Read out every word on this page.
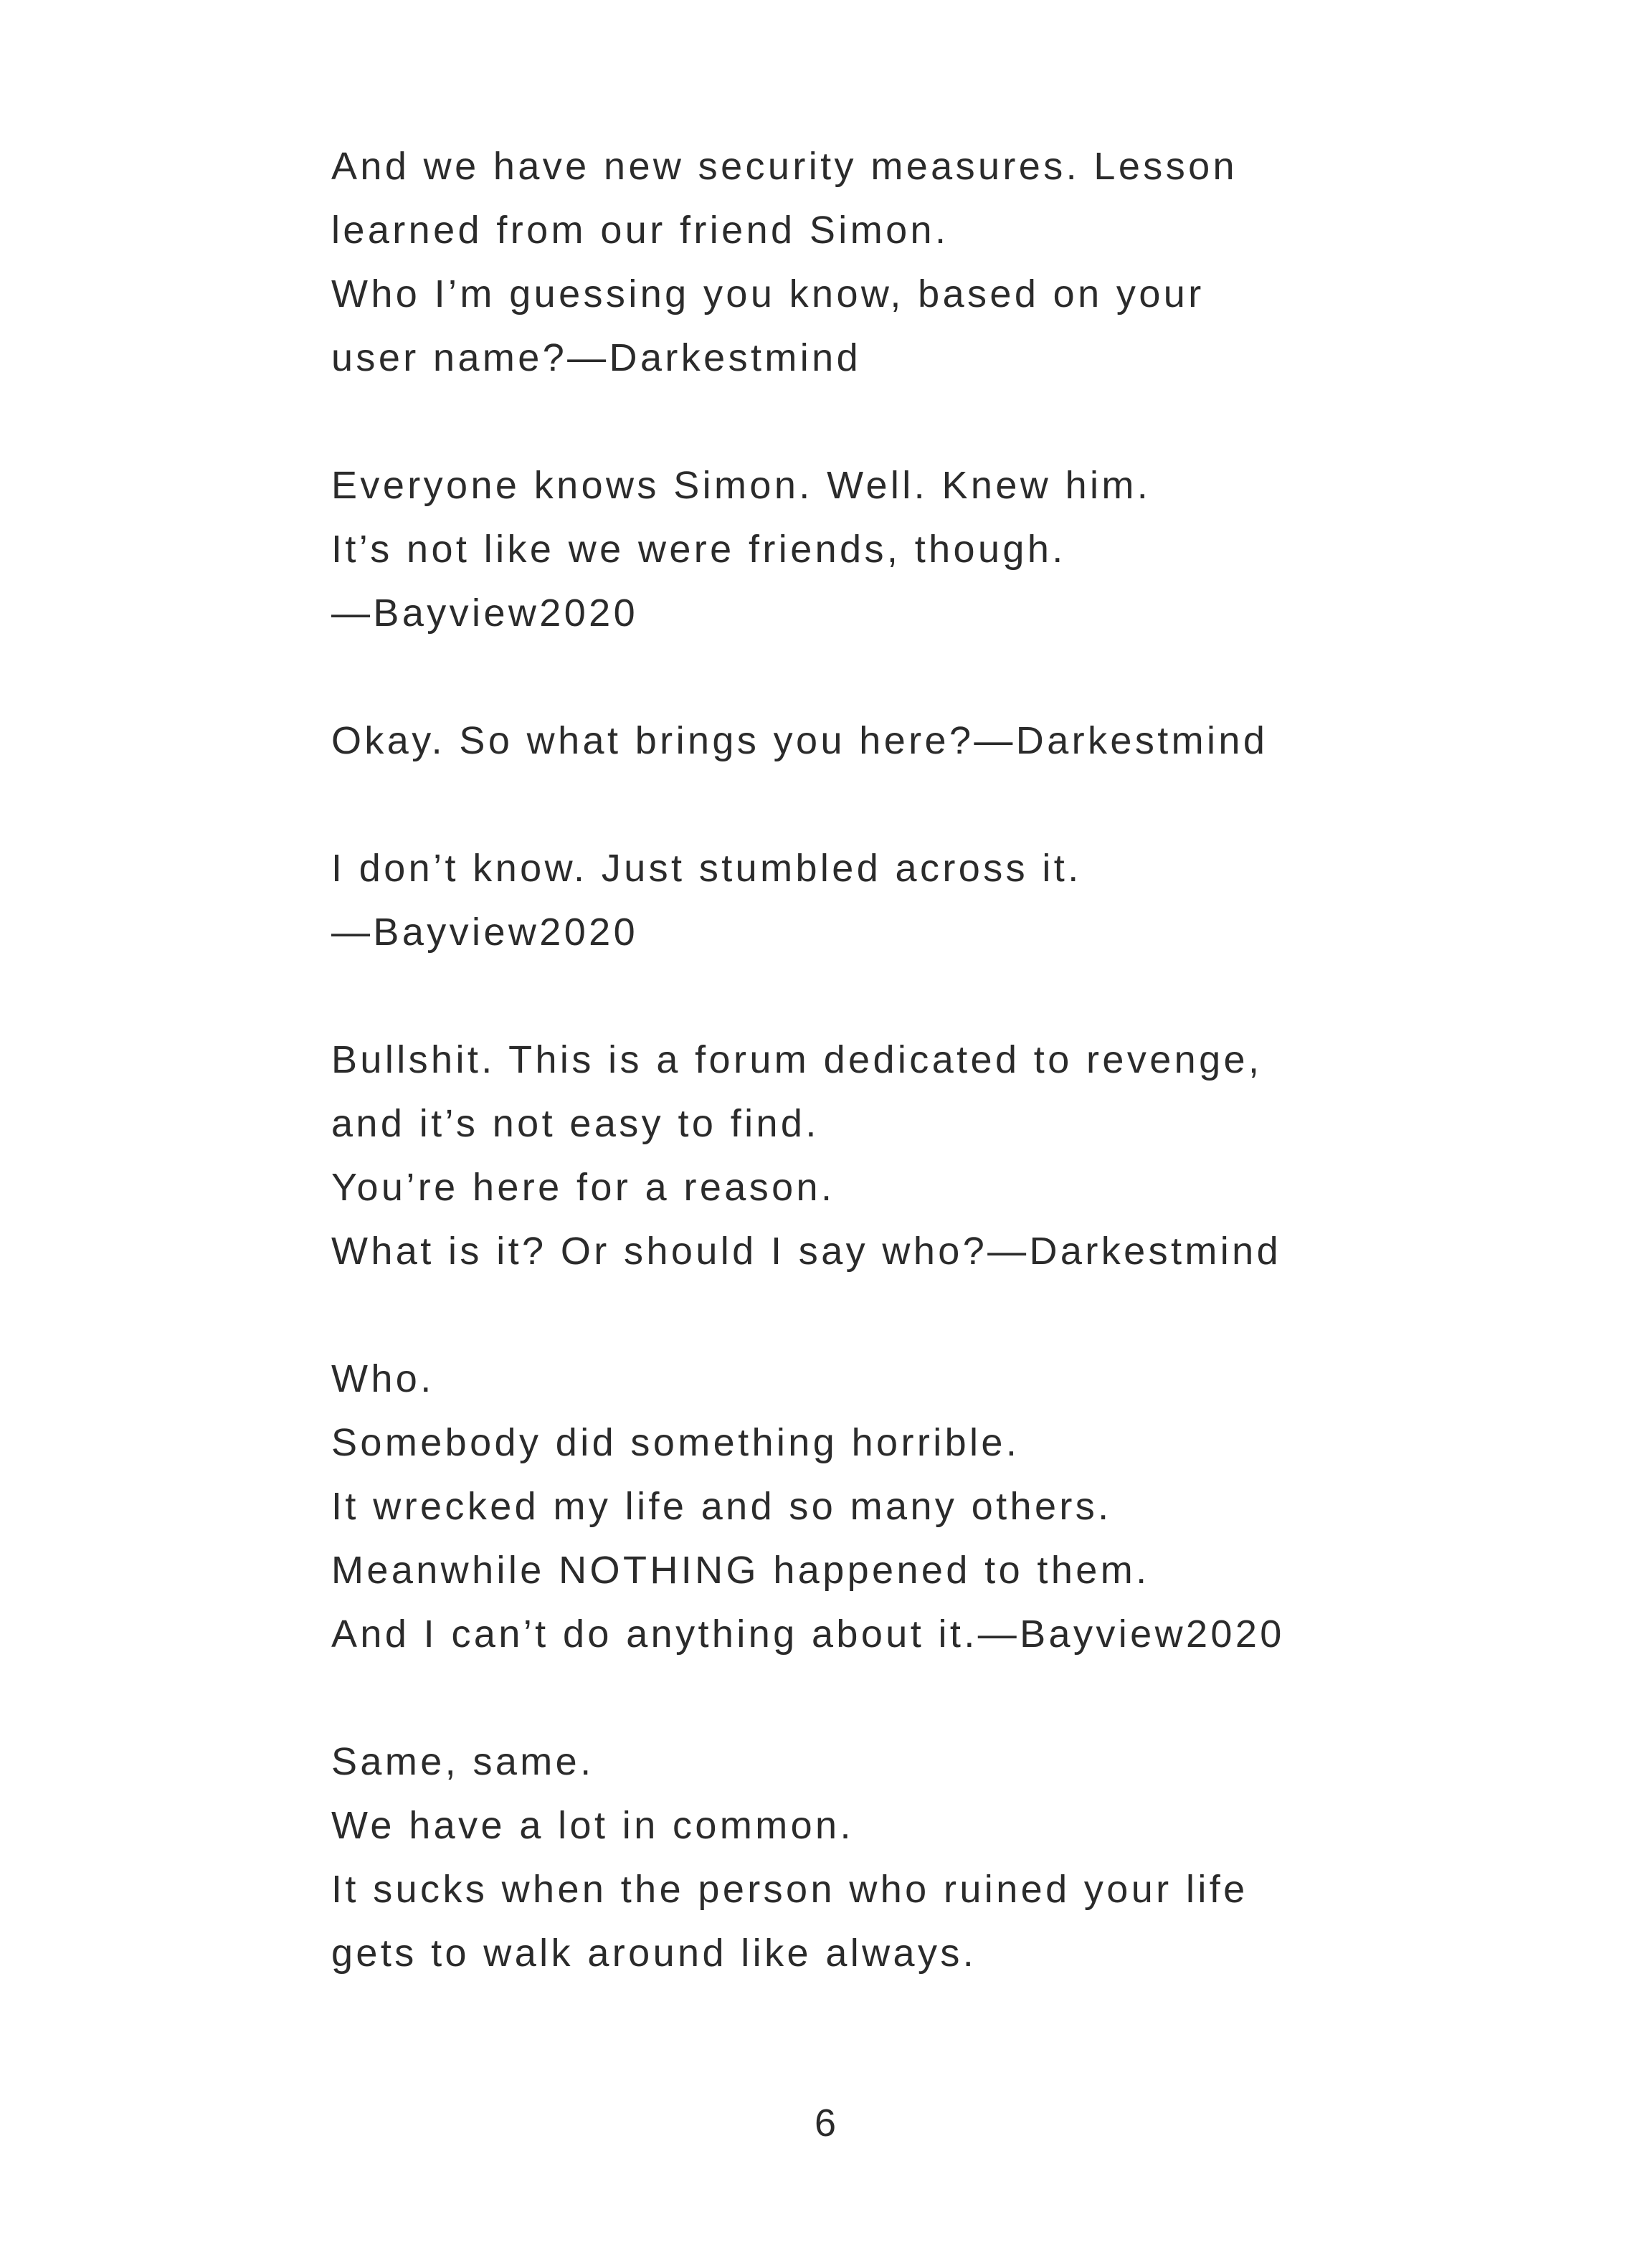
And we have new security measures. Lesson
learned from our friend Simon.
Who I’m guessing you know, based on your
user name?—Darkestmind
Everyone knows Simon. Well. Knew him.
It’s not like we were friends, though.
—Bayview2020
Okay. So what brings you here?—Darkestmind
I don’t know. Just stumbled across it.
—Bayview2020
Bullshit. This is a forum dedicated to revenge,
and it’s not easy to find.
You’re here for a reason.
What is it? Or should I say who?—Darkestmind
Who.
Somebody did something horrible.
It wrecked my life and so many others.
Meanwhile NOTHING happened to them.
And I can’t do anything about it.—Bayview2020
Same, same.
We have a lot in common.
It sucks when the person who ruined your life
gets to walk around like always.
6
